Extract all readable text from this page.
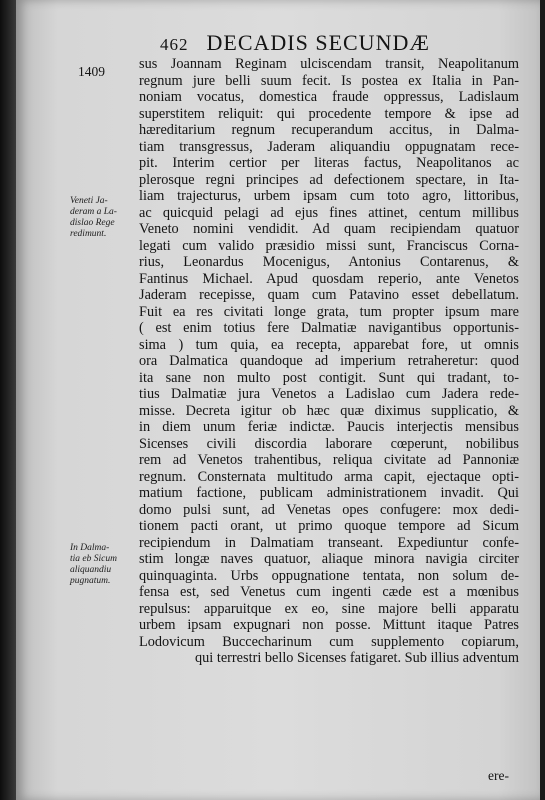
462 DECADIS SECUNDÆ
1409
Veneti Ja-
deram a La-
dislao Rege
redimunt.
In Dalma-
tia eb Sicum
aliquandiu
pugnatum.
sus Joannam Reginam ulciscendam transit, Neapolitanum
regnum jure belli suum fecit. Is postea ex Italia in Pan-
noniam vocatus, domestica fraude oppressus, Ladislaum
superstitem reliquit: qui procedente tempore & ipse ad
hæreditarium regnum recuperandum accitus, in Dalma-
tiam transgressus, Jaderam aliquandiu oppugnatam rece-
pit. Interim certior per literas factus, Neapolitanos ac
plerosque regni principes ad defectionem spectare, in Ita-
liam trajecturus, urbem ipsam cum toto agro, littoribus,
ac quicquid pelagi ad ejus fines attinet, centum millibus
Veneto nomini vendidit. Ad quam recipiendam quatuor
legati cum valido præsidio missi sunt, Franciscus Corna-
rius, Leonardus Mocenigus, Antonius Contarenus, &
Fantinus Michael. Apud quosdam reperio, ante Venetos
Jaderam recepisse, quam cum Patavino esset debellatum.
Fuit ea res civitati longe grata, tum propter ipsum mare
( est enim totius fere Dalmatiæ navigantibus opportunis-
sima ) tum quia, ea recepta, apparebat fore, ut omnis
ora Dalmatica quandoque ad imperium retraheretur: quod
ita sane non multo post contigit. Sunt qui tradant, to-
tius Dalmatiæ jura Venetos a Ladislao cum Jadera rede-
misse. Decreta igitur ob hæc quæ diximus supplicatio, &
in diem unum feriæ indictæ. Paucis interjectis mensibus
Sicenses civili discordia laborare cœperunt, nobilibus
rem ad Venetos trahentibus, reliqua civitate ad Pannoniæ
regnum. Consternata multitudo arma capit, ejectaque opti-
matium factione, publicam administrationem invadit. Qui
domo pulsi sunt, ad Venetas opes confugere: mox dedi-
tionem pacti orant, ut primo quoque tempore ad Sicum
recipiendum in Dalmatiam transeant. Expediuntur confe-
stim longæ naves quatuor, aliaque minora navigia circiter
quinquaginta. Urbs oppugnatione tentata, non solum de-
fensa est, sed Venetus cum ingenti cæde est a mœnibus
repulsus: apparuitque ex eo, sine majore belli apparatu
urbem ipsam expugnari non posse. Mittunt itaque Patres
Lodovicum Buccecharinum cum supplemento copiarum,
qui terrestri bello Sicenses fatigaret. Sub illius adventum
ere-
